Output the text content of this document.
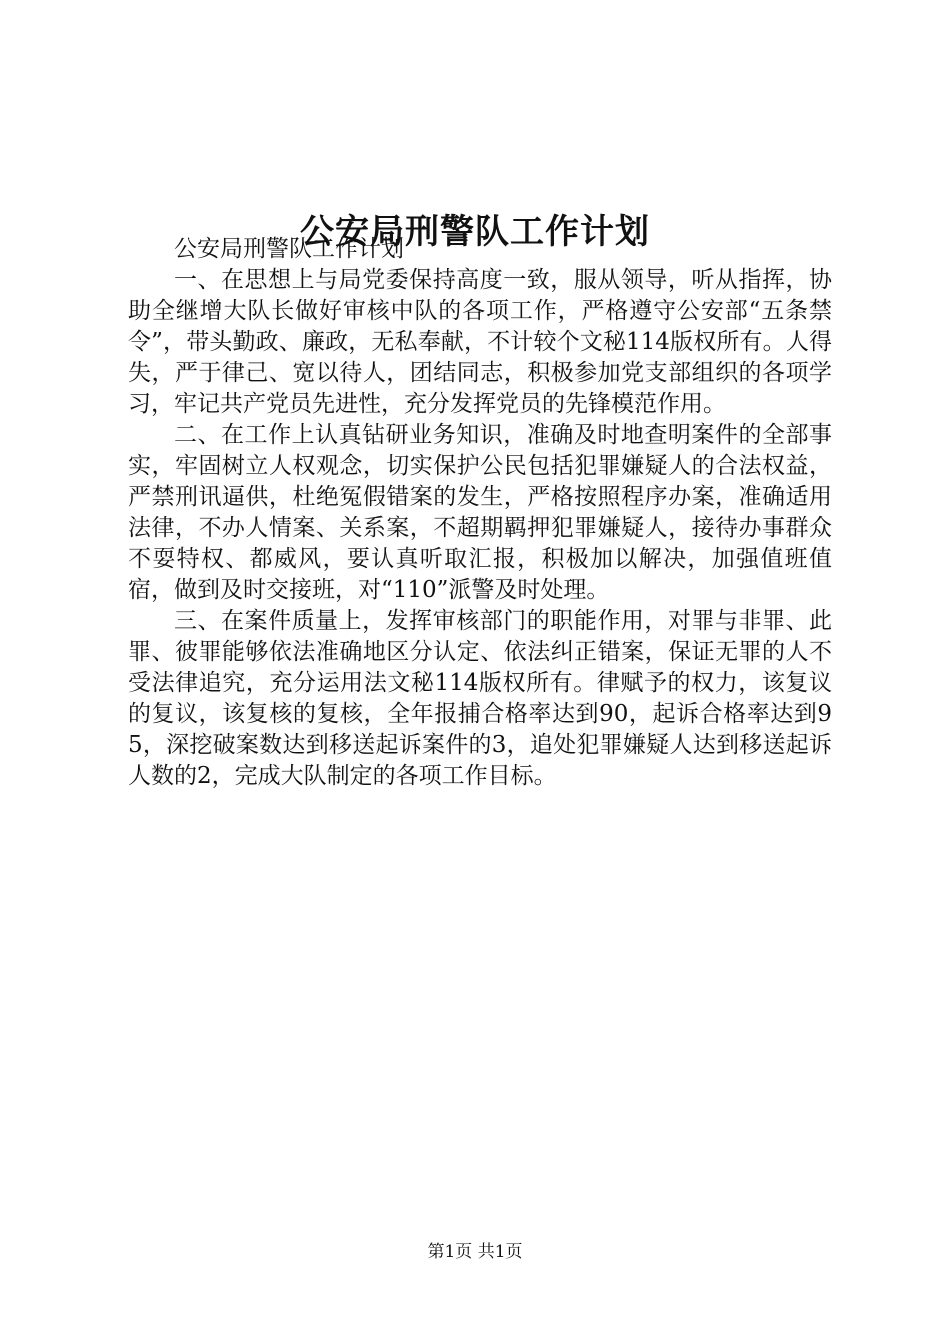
公安局刑警队工作计划

公安局刑警队工作计划

一、在思想上与局党委保持高度一致，服从领导，听从指挥，协助全继增大队长做好审核中队的各项工作，严格遵守公安部“五条禁令”，带头勤政、廉政，无私奉献，不计较个文秘114版权所有。人得失，严于律己、宽以待人，团结同志，积极参加党支部组织的各项学习，牢记共产党员先进性，充分发挥党员的先锋模范作用。

二、在工作上认真钻研业务知识，准确及时地查明案件的全部事实，牢固树立人权观念，切实保护公民包括犯罪嫌疑人的合法权益，严禁刑讯逼供，杜绝冤假错案的发生，严格按照程序办案，准确适用法律，不办人情案、关系案，不超期羁押犯罪嫌疑人，接待办事群众不耍特权、都威风，要认真听取汇报，积极加以解决，加强值班值宿，做到及时交接班，对“110”派警及时处理。

三、在案件质量上，发挥审核部门的职能作用，对罪与非罪、此罪、彼罪能够依法准确地区分认定、依法纠正错案，保证无罪的人不受法律追究，充分运用法文秘114版权所有。律赋予的权力，该复议的复议，该复核的复核，全年报捕合格率达到90，起诉合格率达到95，深挖破案数达到移送起诉案件的3，追处犯罪嫌疑人达到移送起诉人数的2，完成大队制定的各项工作目标。

第1页 共1页
